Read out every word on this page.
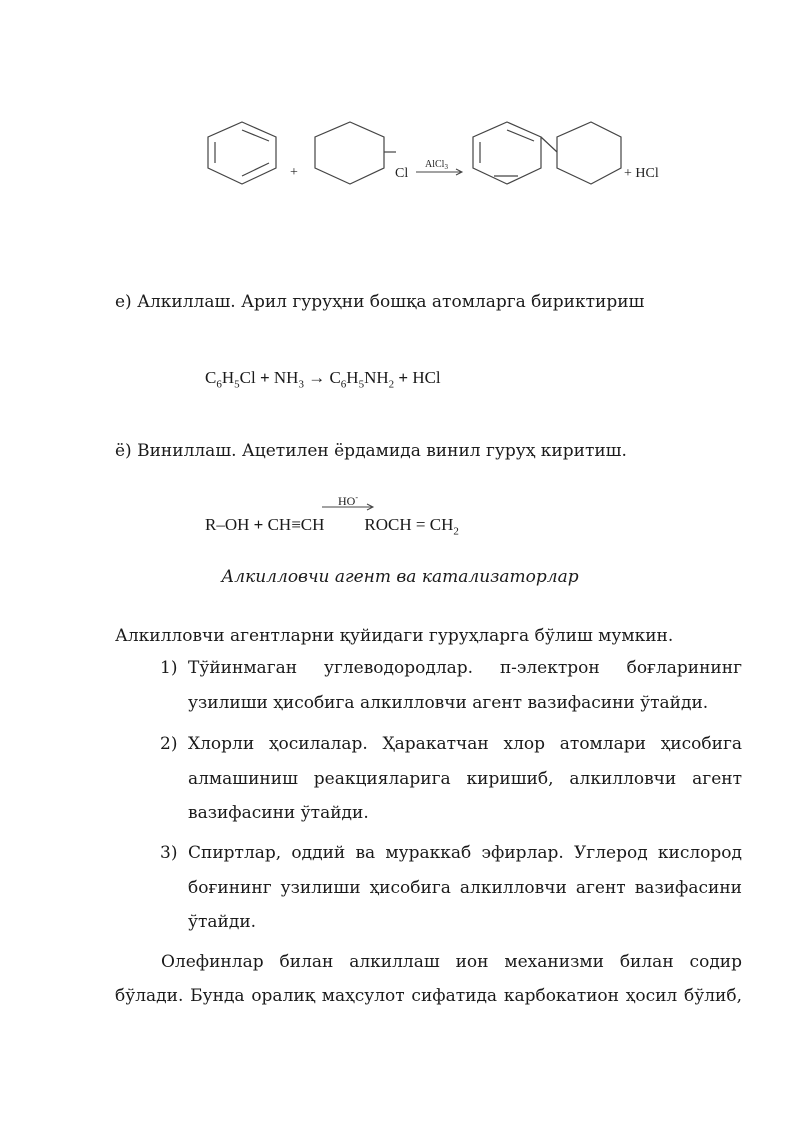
+	Cl
AlCl$_3$	+ HCl
е) Алкиллаш. Арил гуруҳни бошқа атомларга бириктириш
$C_6H_5Cl + NH_3 \to C_6H_5NH_2$ + HCl
ё) Виниллаш. Ацетилен ёрдамида винил гуруҳ киритиш.
HO-
R–OH + CH≡CH ROCH = $CH_2$
Алкилловчи агент ва катализаторлар
Алкилловчи агентларни қуйидаги гуруҳларга бўлиш мумкин.
1) Тўйинмаган углеводородлар. π-электрон боғларининг узилиши ҳисобига алкилловчи агент вазифасини ўтайди.
2) Хлорли ҳосилалар. Ҳаракатчан хлор атомлари ҳисобига алмашиниш реакцияларига киришиб, алкилловчи агент вазифасини ўтайди.
3) Спиртлар, оддий ва мураккаб эфирлар. Углерод кислород боғининг узилиши ҳисобига алкилловчи агент вазифасини ўтайди.
Олефинлар билан алкиллаш ион механизми билан содир бўлади. Бунда оралиқ маҳсулот сифатида карбокатион ҳосил бўлиб,
